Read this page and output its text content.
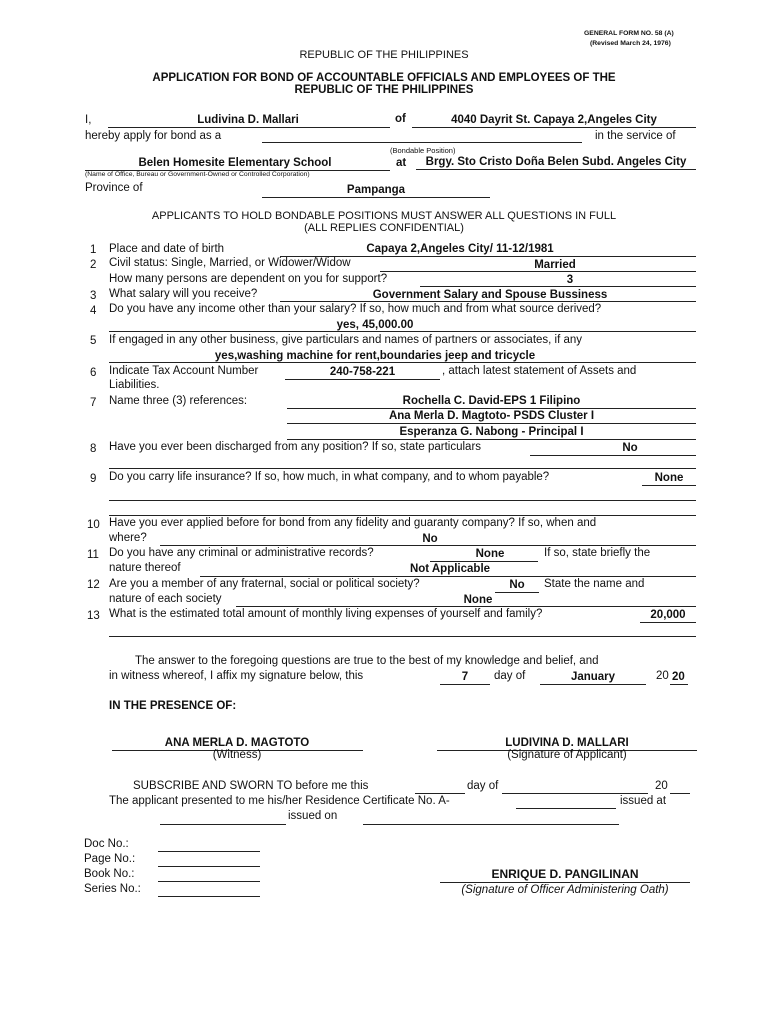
GENERAL FORM NO. 58 (A)
(Revised March 24, 1976)
REPUBLIC OF THE PHILIPPINES
APPLICATION FOR BOND OF ACCOUNTABLE OFFICIALS AND EMPLOYEES OF THE
REPUBLIC OF THE PHILIPPINES
I,	Ludivina D. Mallari	of	4040 Dayrit St. Capaya 2,Angeles City
hereby apply for bond as a	in the service of
(Bondable Position)
Belen Homesite Elementary School	at	Brgy. Sto Cristo Doña Belen Subd. Angeles City
(Name of Office, Bureau or Government-Owned or Controlled Corporation)
Province of	Pampanga
APPLICANTS TO HOLD BONDABLE POSITIONS MUST ANSWER ALL QUESTIONS IN FULL
(ALL REPLIES CONFIDENTIAL)
1 Place and date of birth	Capaya 2,Angeles City/ 11-12/1981
2 Civil status: Single, Married, or Widower/Widow	Married
How many persons are dependent on you for support?	3
3 What salary will you receive?	Government Salary and Spouse Bussiness
4 Do you have any income other than your salary? If so, how much and from what source derived?
yes, 45,000.00
5 If engaged in any other business, give particulars and names of partners or associates, if any
yes,washing machine for rent,boundaries jeep and tricycle
6 Indicate Tax Account Number	240-758-221	, attach latest statement of Assets and
Liabilities.
7 Name three (3) references:	Rochella C. David-EPS 1 Filipino
Ana Merla D. Magtoto- PSDS Cluster I
Esperanza G. Nabong - Principal I
8 Have you ever been discharged from any position? If so, state particulars	No
9 Do you carry life insurance? If so, how much, in what company, and to whom payable?	None
10 Have you ever applied before for bond from any fidelity and guaranty company? If so, when and
where?	No
11 Do you have any criminal or administrative records?	None	If so, state briefly the
nature thereof	Not Applicable
12 Are you a member of any fraternal, social or political society?	No	State the name and
nature of each society	None
13 What is the estimated total amount of monthly living expenses of yourself and family?	20,000
The answer to the foregoing questions are true to the best of my knowledge and belief, and
in witness whereof, I affix my signature below, this	7	day of	January	20 20
IN THE PRESENCE OF:
ANA MERLA D. MAGTOTO
(Witness)
LUDIVINA D. MALLARI
(Signature of Applicant)
SUBSCRIBE AND SWORN TO before me this	day of	20
The applicant presented to me his/her Residence Certificate No. A-	issued at
issued on
Doc No.:
Page No.:
Book No.:
Series No.:
ENRIQUE D. PANGILINAN
(Signature of Officer Administering Oath)
